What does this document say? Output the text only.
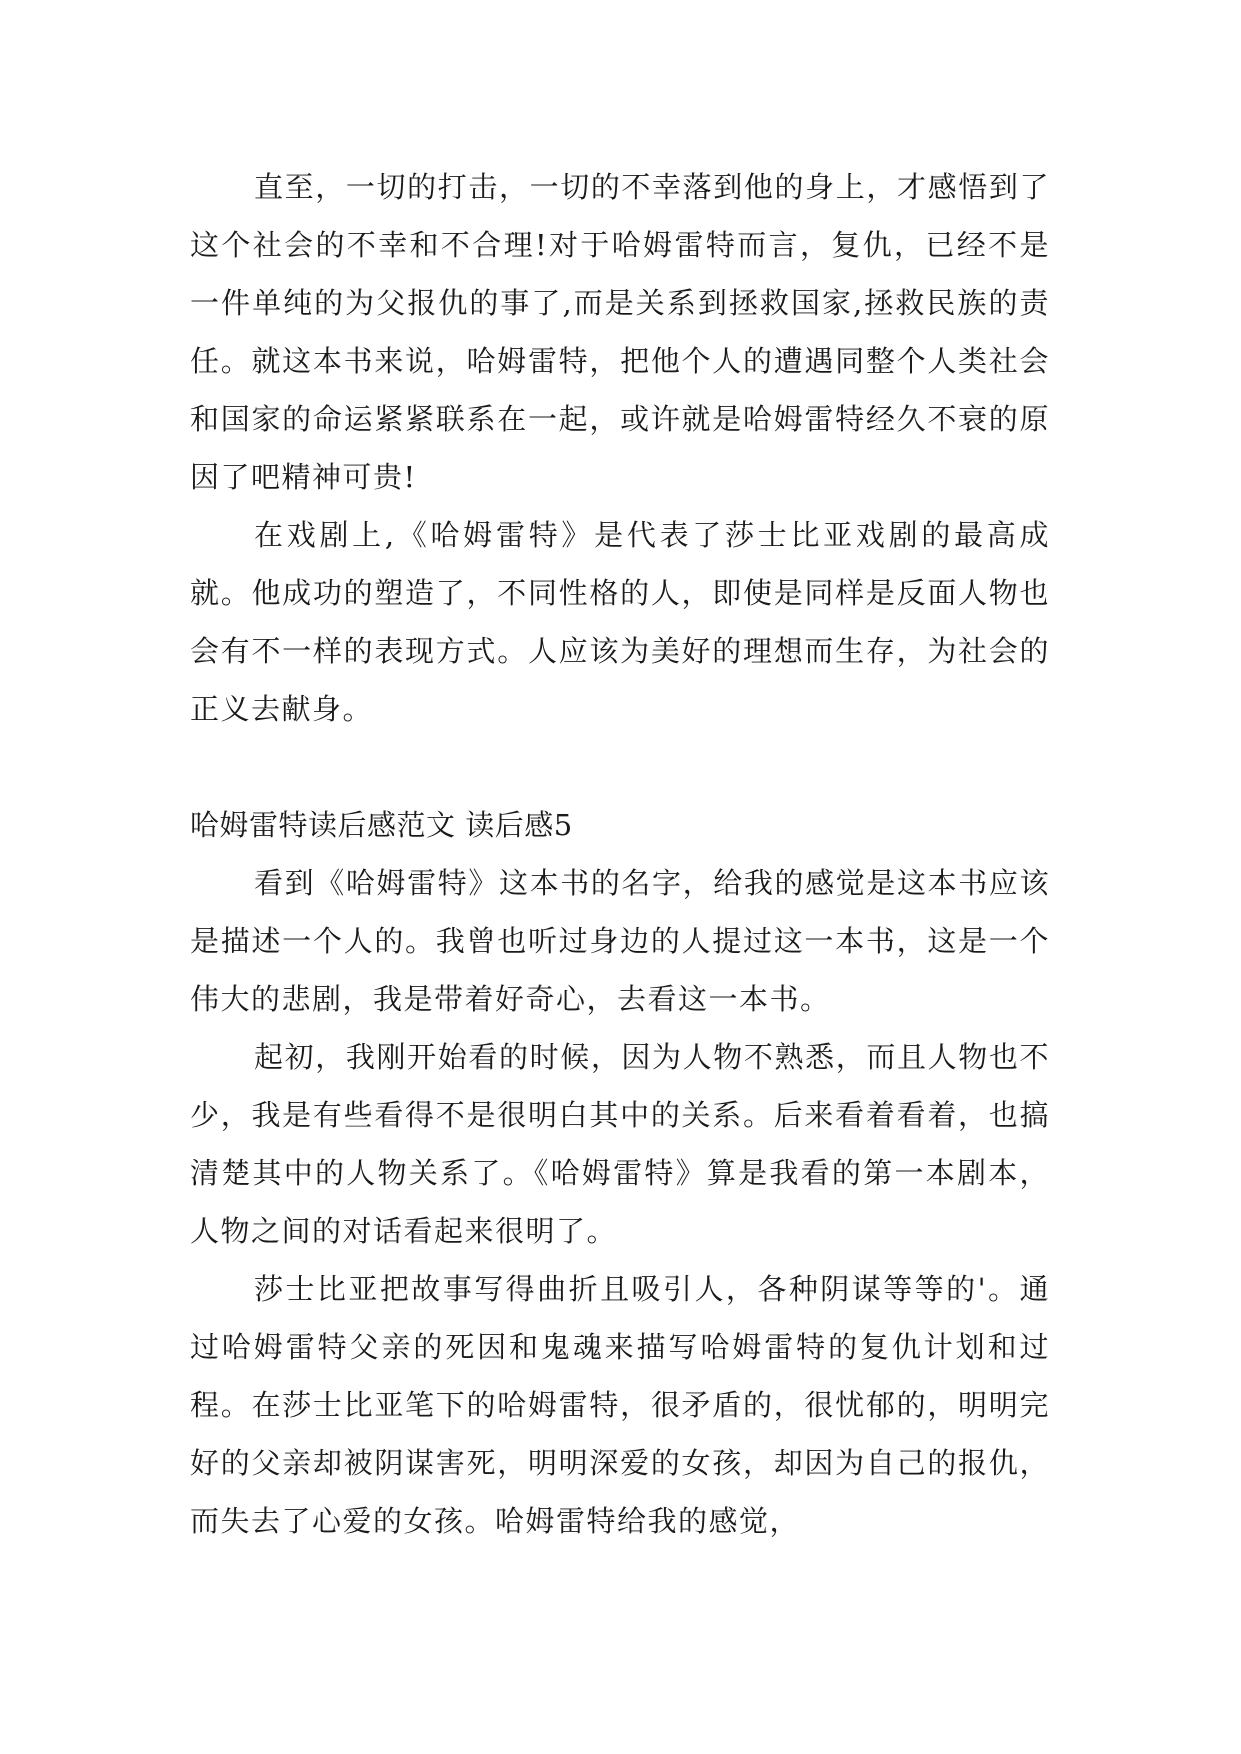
直至，一切的打击，一切的不幸落到他的身上，才感悟到了这个社会的不幸和不合理!对于哈姆雷特而言，复仇，已经不是一件单纯的为父报仇的事了,而是关系到拯救国家,拯救民族的责任。就这本书来说，哈姆雷特，把他个人的遭遇同整个人类社会和国家的命运紧紧联系在一起，或许就是哈姆雷特经久不衰的原因了吧精神可贵!

在戏剧上,《哈姆雷特》是代表了莎士比亚戏剧的最高成就。他成功的塑造了，不同性格的人，即使是同样是反面人物也会有不一样的表现方式。人应该为美好的理想而生存，为社会的正义去献身。

哈姆雷特读后感范文 读后感5

看到《哈姆雷特》这本书的名字，给我的感觉是这本书应该是描述一个人的。我曾也听过身边的人提过这一本书，这是一个伟大的悲剧，我是带着好奇心，去看这一本书。

起初，我刚开始看的时候，因为人物不熟悉，而且人物也不少，我是有些看得不是很明白其中的关系。后来看着看着，也搞清楚其中的人物关系了。《哈姆雷特》算是我看的第一本剧本，人物之间的对话看起来很明了。

莎士比亚把故事写得曲折且吸引人，各种阴谋等等的'。通过哈姆雷特父亲的死因和鬼魂来描写哈姆雷特的复仇计划和过程。在莎士比亚笔下的哈姆雷特，很矛盾的，很忧郁的，明明完好的父亲却被阴谋害死，明明深爱的女孩，却因为自己的报仇，而失去了心爱的女孩。哈姆雷特给我的感觉，
